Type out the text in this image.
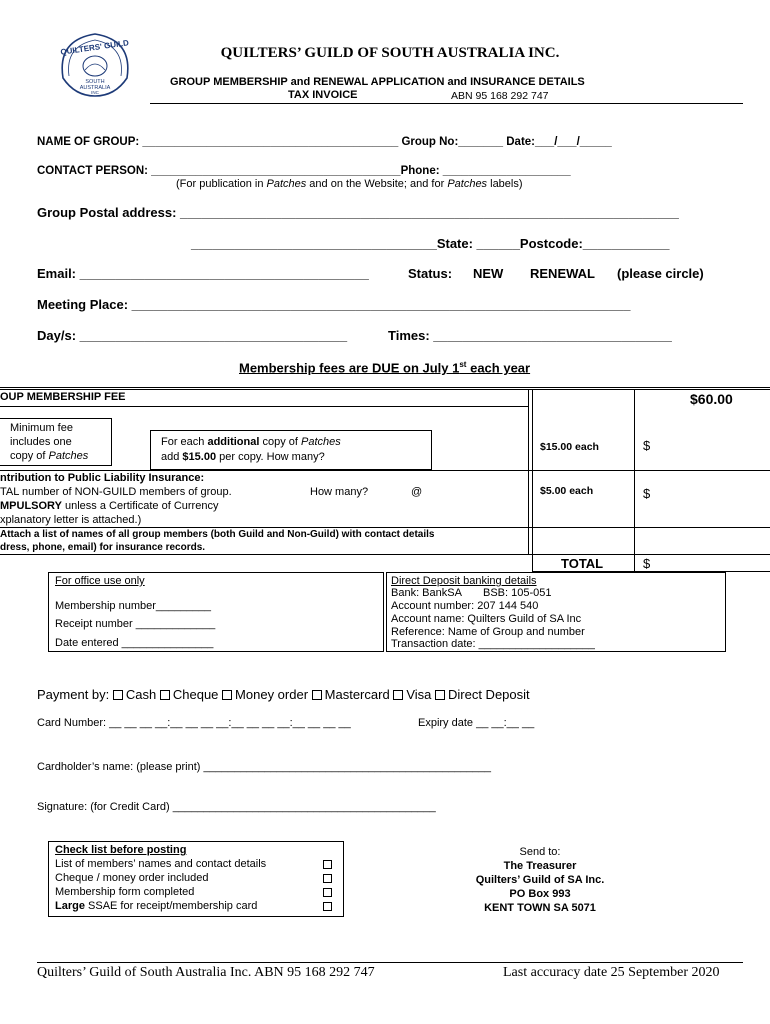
QUILTERS' GUILD
SOUTH
AUSTRALIA
INC
QUILTERS’ GUILD OF SOUTH AUSTRALIA INC.
GROUP MEMBERSHIP and RENEWAL APPLICATION and INSURANCE DETAILS
TAX INVOICE	ABN 95 168 292 747
NAME OF GROUP: ________________________________________ Group No:_______ Date:___/___/_____
CONTACT PERSON: _______________________________________Phone: ____________________
(For publication in Patches and on the Website; and for Patches labels)
Group Postal address: _____________________________________________________________________
__________________________________State: ______Postcode:____________
Email: ________________________________________	Status: NEW RENEWAL (please circle)
Meeting Place: _____________________________________________________________________
Day/s: _____________________________________	Times: _________________________________
Membership fees are DUE on July 1st each year
OUP MEMBERSHIP FEE	$60.00
Minimum fee
includes one
copy of Patches
For each additional copy of Patches
add $15.00 per copy. How many?
$15.00 each	$
ntribution to Public Liability Insurance:
TAL number of NON-GUILD members of group.	How many?	@
MPULSORY unless a Certificate of Currency
xplanatory letter is attached.)
$5.00 each	$
Attach a list of names of all group members (both Guild and Non-Guild) with contact details
dress, phone, email) for insurance records.
TOTAL	$
For office use only
Membership number_________
Receipt number _____________
Date entered _______________
Direct Deposit banking details
Bank: BankSA BSB: 105-051
Account number: 207 144 540
Account name: Quilters Guild of SA Inc
Reference: Name of Group and number
Transaction date: ___________________
Payment by: Cash Cheque Money order Mastercard Visa Direct Deposit
Card Number: __ __ __ __:__ __ __ __:__ __ __ __:__ __ __ __	Expiry date __ __:__ __
Cardholder’s name: (please print) _______________________________________________
Signature: (for Credit Card) ___________________________________________
Check list before posting
List of members’ names and contact details
Cheque / money order included
Membership form completed
Large SSAE for receipt/membership card
Send to:
The Treasurer
Quilters’ Guild of SA Inc.
PO Box 993
KENT TOWN SA 5071
Quilters’ Guild of South Australia Inc. ABN 95 168 292 747	Last accuracy date 25 September 2020
